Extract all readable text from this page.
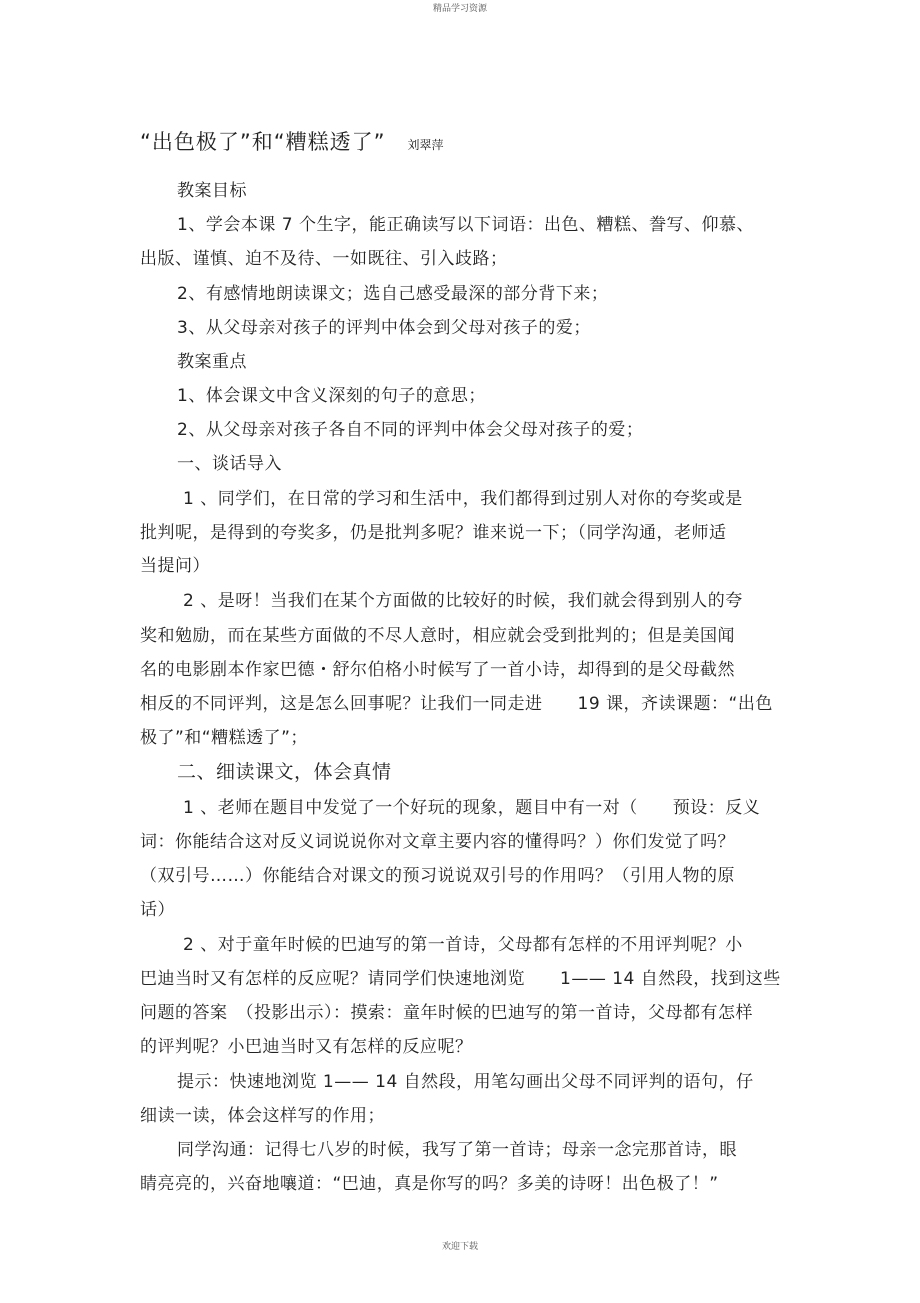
精品学习资源
“出色极了”和“糟糕透了” 刘翠萍
教案目标
1、学会本课 7 个生字，能正确读写以下词语：出色、糟糕、誊写、仰慕、
出版、谨慎、迫不及待、一如既往、引入歧路；
2、有感情地朗读课文；选自己感受最深的部分背下来；
3、从父母亲对孩子的评判中体会到父母对孩子的爱；
教案重点
1、体会课文中含义深刻的句子的意思；
2、从父母亲对孩子各自不同的评判中体会父母对孩子的爱；
一、谈话导入
1 、同学们，在日常的学习和生活中，我们都得到过别人对你的夸奖或是
批判呢，是得到的夸奖多，仍是批判多呢？谁来说一下；（同学沟通，老师适
当提问）
2 、是呀！当我们在某个方面做的比较好的时候，我们就会得到别人的夸
奖和勉励，而在某些方面做的不尽人意时，相应就会受到批判的；但是美国闻
名的电影剧本作家巴德・舒尔伯格小时候写了一首小诗，却得到的是父母截然
相反的不同评判，这是怎么回事呢？让我们一同走进　　19 课，齐读课题：“出色
极了”和“糟糕透了”；
二、细读课文，体会真情
1 、老师在题目中发觉了一个好玩的现象，题目中有一对（　　预设：反义
词：你能结合这对反义词说说你对文章主要内容的懂得吗？）你们发觉了吗？
（双引号……）你能结合对课文的预习说说双引号的作用吗？（引用人物的原
话）
2 、对于童年时候的巴迪写的第一首诗，父母都有怎样的不用评判呢？小
巴迪当时又有怎样的反应呢？请同学们快速地浏览　　1—— 14 自然段，找到这些
问题的答案　（投影出示）：摸索：童年时候的巴迪写的第一首诗，父母都有怎样
的评判呢？小巴迪当时又有怎样的反应呢？
提示：快速地浏览 1—— 14 自然段，用笔勾画出父母不同评判的语句，仔
细读一读，体会这样写的作用；
同学沟通：记得七八岁的时候，我写了第一首诗；母亲一念完那首诗，眼
睛亮亮的，兴奋地嚷道：“巴迪，真是你写的吗？多美的诗呀！出色极了！”
欢迎下载
